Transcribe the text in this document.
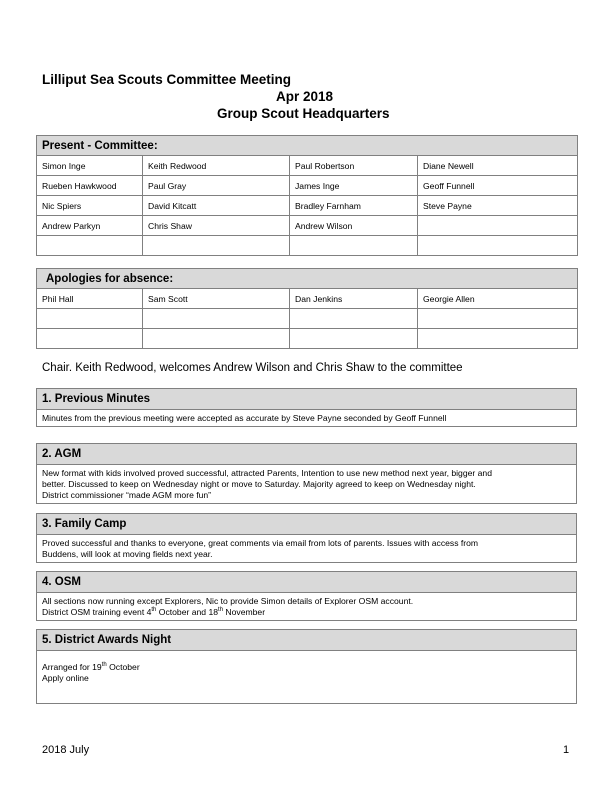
Lilliput Sea Scouts Committee Meeting
Apr 2018
Group Scout Headquarters
Present - Committee:			
Simon Inge	Keith Redwood	Paul Robertson	Diane Newell
Rueben Hawkwood	Paul Gray	James Inge	Geoff Funnell
Nic Spiers	David Kitcatt	Bradley Farnham	Steve Payne
Andrew Parkyn	Chris Shaw	Andrew Wilson	

Apologies for absence:			
Phil Hall	Sam Scott	Dan Jenkins	Georgie Allen

Chair. Keith Redwood, welcomes Andrew Wilson and Chris Shaw to the committee
1. Previous Minutes
Minutes from the previous meeting were accepted as accurate by Steve Payne seconded by Geoff Funnell
2. AGM
New format with kids involved proved successful, attracted Parents, Intention to use new method next year, bigger and
better. Discussed to keep on Wednesday night or move to Saturday. Majority agreed to keep on Wednesday night.
District commissioner “made AGM more fun”
3. Family Camp
Proved successful and thanks to everyone, great comments via email from lots of parents. Issues with access from
Buddens, will look at moving fields next year.
4. OSM
All sections now running except Explorers, Nic to provide Simon details of Explorer OSM account.
District OSM training event 4th October and 18th November
5. District Awards Night
Arranged for 19th October
Apply online
2018 July	1
